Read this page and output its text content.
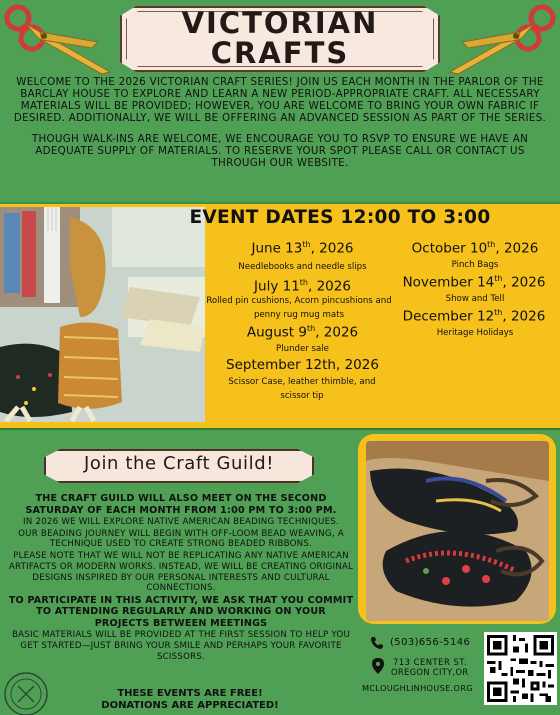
VICTORIAN
CRAFTS

WELCOME TO THE 2026 VICTORIAN CRAFT SERIES! JOIN US EACH MONTH IN THE PARLOR OF THE BARCLAY HOUSE TO EXPLORE AND LEARN A NEW PERIOD-APPROPRIATE CRAFT. ALL NECESSARY MATERIALS WILL BE PROVIDED; HOWEVER, YOU ARE WELCOME TO BRING YOUR OWN FABRIC IF DESIRED. ADDITIONALLY, WE WILL BE OFFERING AN ADVANCED SESSION AS PART OF THE SERIES.

THOUGH WALK-INS ARE WELCOME, WE ENCOURAGE YOU TO RSVP TO ENSURE WE HAVE AN ADEQUATE SUPPLY OF MATERIALS. TO RESERVE YOUR SPOT PLEASE CALL OR CONTACT US THROUGH OUR WEBSITE.

EVENT DATES 12:00 TO 3:00
June 13th, 2026
Needlebooks and needle slips
July 11th, 2026
Rolled pin cushions, Acorn pincushions and penny rug mug mats
August 9th, 2026
Plunder sale
September 12th, 2026
Scissor Case, leather thimble, and scissor tip
October 10th, 2026
Pinch Bags
November 14th, 2026
Show and Tell
December 12th, 2026
Heritage Holidays
Join the Craft Guild!

THE CRAFT GUILD WILL ALSO MEET ON THE SECOND SATURDAY OF EACH MONTH FROM 1:00 PM TO 3:00 PM.

IN 2026 WE WILL EXPLORE NATIVE AMERICAN BEADING TECHNIQUES.

OUR BEADING JOURNEY WILL BEGIN WITH OFF-LOOM BEAD WEAVING, A TECHNIQUE USED TO CREATE STRONG BEADED RIBBONS.

PLEASE NOTE THAT WE WILL NOT BE REPLICATING ANY NATIVE AMERICAN ARTIFACTS OR MODERN WORKS. INSTEAD, WE WILL BE CREATING ORIGINAL DESIGNS INSPIRED BY OUR PERSONAL INTERESTS AND CULTURAL CONNECTIONS.

TO PARTICIPATE IN THIS ACTIVITY, WE ASK THAT YOU COMMIT TO ATTENDING REGULARLY AND WORKING ON YOUR PROJECTS BETWEEN MEETINGS

BASIC MATERIALS WILL BE PROVIDED AT THE FIRST SESSION TO HELP YOU GET STARTED—JUST BRING YOUR SMILE AND PERHAPS YOUR FAVORITE SCISSORS.

THESE EVENTS ARE FREE!
DONATIONS ARE APPRECIATED!
(503)656-5146
713 CENTER ST.
OREGON CITY,OR
MCLOUGHLINHOUSE.ORG
